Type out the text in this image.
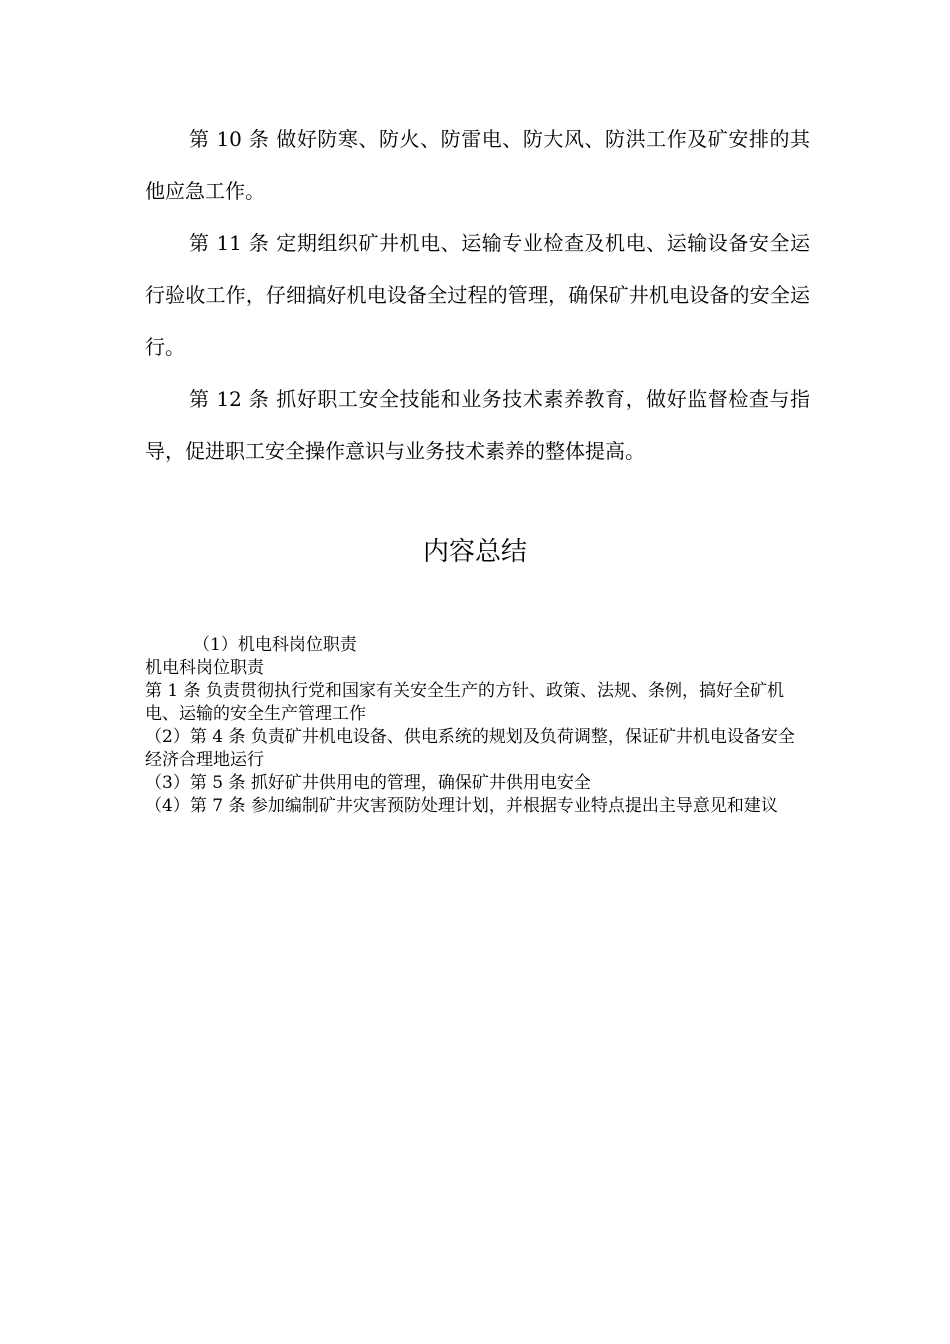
第 10 条 做好防寒、防火、防雷电、防大风、防洪工作及矿安排的其他应急工作。

第 11 条 定期组织矿井机电、运输专业检查及机电、运输设备安全运行验收工作，仔细搞好机电设备全过程的管理，确保矿井机电设备的安全运行。

第 12 条 抓好职工安全技能和业务技术素养教育，做好监督检查与指导，促进职工安全操作意识与业务技术素养的整体提高。

内容总结

（1）机电科岗位职责

机电科岗位职责

第 1 条 负责贯彻执行党和国家有关安全生产的方针、政策、法规、条例，搞好全矿机电、运输的安全生产管理工作

（2）第 4 条 负责矿井机电设备、供电系统的规划及负荷调整，保证矿井机电设备安全经济合理地运行

（3）第 5 条 抓好矿井供用电的管理，确保矿井供用电安全

（4）第 7 条 参加编制矿井灾害预防处理计划，并根据专业特点提出主导意见和建议
